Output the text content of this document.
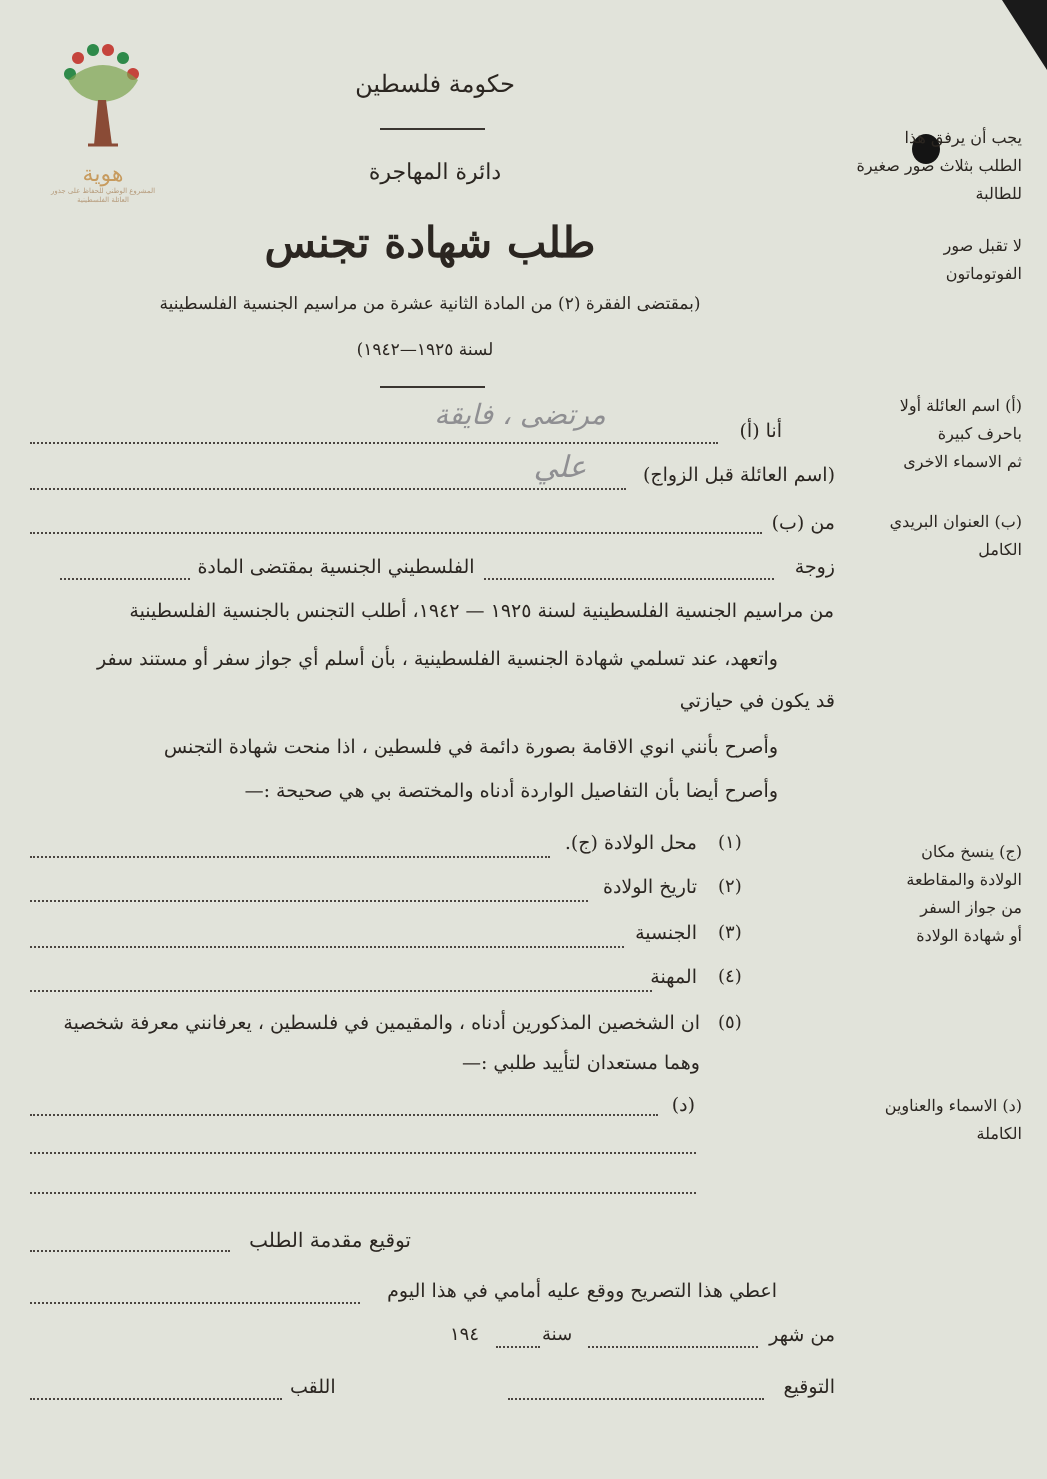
هوية
المشروع الوطني للحفاظ على جذور العائلة الفلسطينية
حكومة فلسطين
دائرة المهاجرة
طلب شهادة تجنس
(بمقتضى الفقرة (٢) من المادة الثانية عشرة من مراسيم الجنسية الفلسطينية
لسنة ١٩٢٥—١٩٤٢)
يجب أن يرفق هذا
الطلب بثلاث صور صغيرة
للطالبة
لا تقبل صور
الفوتوماتون
(أ) اسم العائلة أولا
باحرف كبيرة
ثم الاسماء الاخرى
(ب) العنوان البريدي
الكامل
(ج) ينسخ مكان
الولادة والمقاطعة
من جواز السفر
أو شهادة الولادة
(د) الاسماء والعناوين
الكاملة
أنا (أ)
مرتضى ، فايقة
(اسم العائلة قبل الزواج)
علي
من (ب)
زوجة
الفلسطيني الجنسية بمقتضى المادة
من مراسيم الجنسية الفلسطينية لسنة ١٩٢٥ — ١٩٤٢، أطلب التجنس بالجنسية الفلسطينية
واتعهد، عند تسلمي شهادة الجنسية الفلسطينية ، بأن أسلم أي جواز سفر أو مستند سفر
قد يكون في حيازتي
وأصرح بأنني انوي الاقامة بصورة دائمة في فلسطين ، اذا منحت شهادة التجنس
وأصرح أيضا بأن التفاصيل الواردة أدناه والمختصة بي هي صحيحة :—
(١)
محل الولادة (ج).
(٢)
تاريخ الولادة
(٣)
الجنسية
(٤)
المهنة
(٥)
ان الشخصين المذكورين أدناه ، والمقيمين في فلسطين ، يعرفانني معرفة شخصية
وهما مستعدان لتأييد طلبي :—
(د)
توقيع مقدمة الطلب
اعطي هذا التصريح ووقع عليه أمامي في هذا اليوم
من شهر
سنة
١٩٤
التوقيع
اللقب
